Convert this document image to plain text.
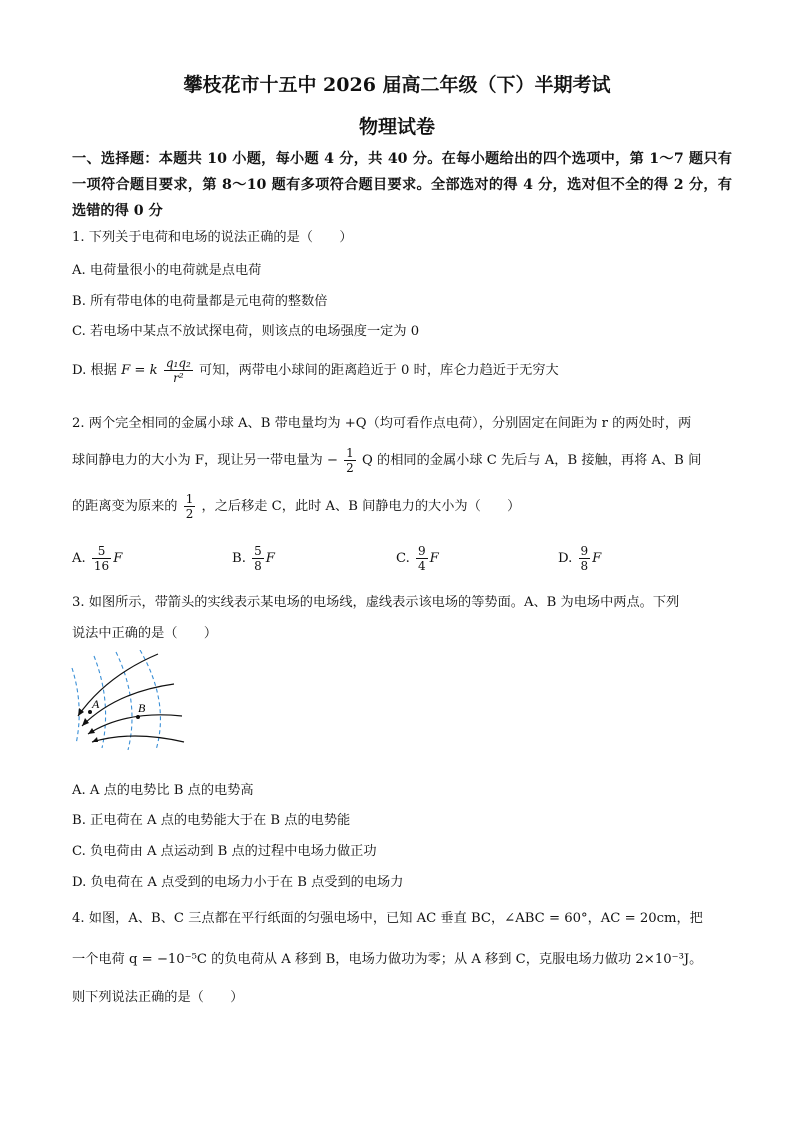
攀枝花市十五中 2026 届高二年级（下）半期考试
物理试卷
一、选择题：本题共 10 小题，每小题 4 分，共 40 分。在每小题给出的四个选项中，第 1～7 题只有一项符合题目要求，第 8～10 题有多项符合题目要求。全部选对的得 4 分，选对但不全的得 2 分，有选错的得 0 分
1. 下列关于电荷和电场的说法正确的是（　　）
A. 电荷量很小的电荷就是点电荷
B. 所有带电体的电荷量都是元电荷的整数倍
C. 若电场中某点不放试探电荷，则该点的电场强度一定为 0
D. 根据 F = k $\frac{\text{q₁q₂}}{\text{r²}}$ 可知，两带电小球间的距离趋近于 0 时，库仑力趋近于无穷大
2. 两个完全相同的金属小球 A、B 带电量均为 +Q（均可看作点电荷），分别固定在间距为 r 的两处时，两
球间静电力的大小为 F，现让另一带电量为 − $\frac{1}{2}$ Q 的相同的金属小球 C 先后与 A，B 接触，再将 A、B 间
的距离变为原来的 $\frac{1}{2}$ ，之后移走 C，此时 A、B 间静电力的大小为（　　）
A. $\frac{5}{16}$ F	B. $\frac{5}{8}$ F	C. $\frac{9}{4}$ F	D. $\frac{9}{8}$ F
3. 如图所示，带箭头的实线表示某电场的电场线，虚线表示该电场的等势面。A、B 为电场中两点。下列
说法中正确的是（　　）
A	B
A. A 点的电势比 B 点的电势高
B. 正电荷在 A 点的电势能大于在 B 点的电势能
C. 负电荷由 A 点运动到 B 点的过程中电场力做正功
D. 负电荷在 A 点受到的电场力小于在 B 点受到的电场力
4. 如图，A、B、C 三点都在平行纸面的匀强电场中，已知 AC 垂直 BC，∠ABC = 60°，AC = 20cm，把
一个电荷 q = −10⁻⁵C 的负电荷从 A 移到 B，电场力做功为零；从 A 移到 C，克服电场力做功 2×10⁻³J。
则下列说法正确的是（　　）
